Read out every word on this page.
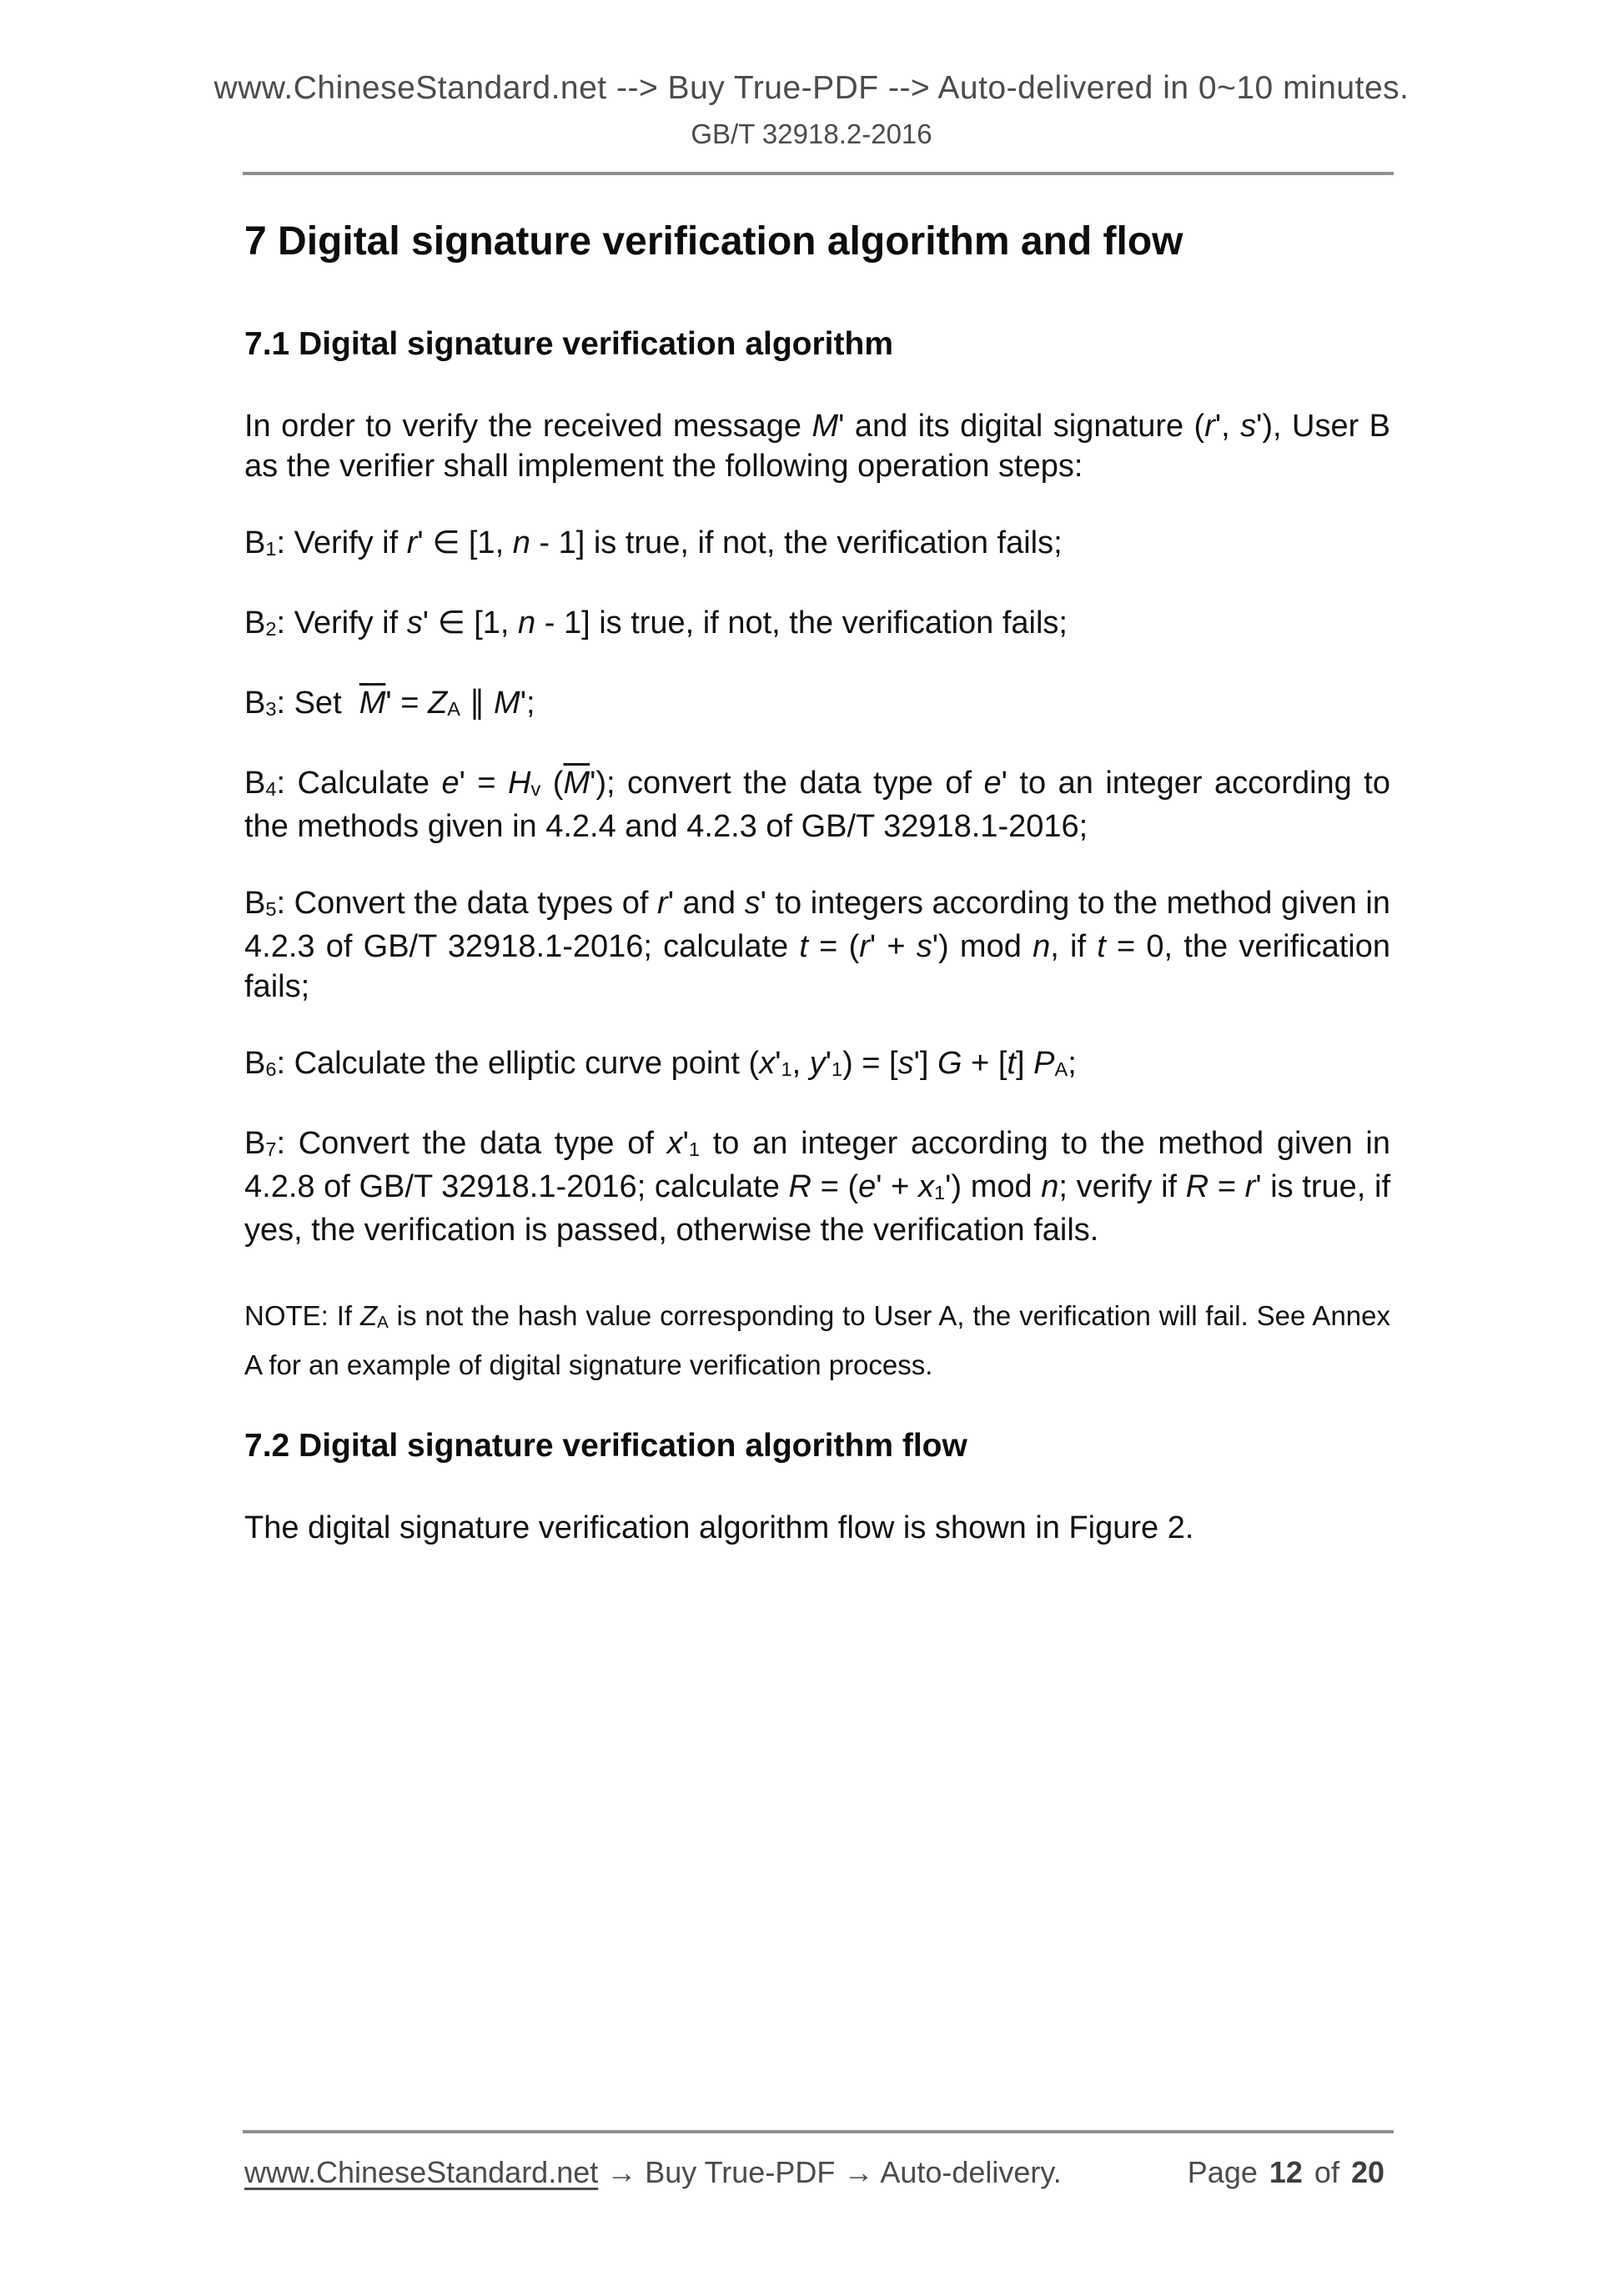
www.ChineseStandard.net --> Buy True-PDF --> Auto-delivered in 0~10 minutes.
GB/T 32918.2-2016
7 Digital signature verification algorithm and flow
7.1 Digital signature verification algorithm
In order to verify the received message M' and its digital signature (r', s'), User B as the verifier shall implement the following operation steps:
B1: Verify if r' ∈ [1, n - 1] is true, if not, the verification fails;
B2: Verify if s' ∈ [1, n - 1] is true, if not, the verification fails;
B3: Set  $\overline{M}'$ = ZA ∥ M';
B4: Calculate e' = Hv $(\overline{M}')$; convert the data type of e' to an integer according to the methods given in 4.2.4 and 4.2.3 of GB/T 32918.1-2016;
B5: Convert the data types of r' and s' to integers according to the method given in 4.2.3 of GB/T 32918.1-2016; calculate t = (r' + s') mod n, if t = 0, the verification fails;
B6: Calculate the elliptic curve point (x'1, y'1) = [s'] G + [t] PA;
B7: Convert the data type of x'1 to an integer according to the method given in 4.2.8 of GB/T 32918.1-2016; calculate R = (e' + x1') mod n; verify if R = r' is true, if yes, the verification is passed, otherwise the verification fails.
NOTE: If ZA is not the hash value corresponding to User A, the verification will fail. See Annex A for an example of digital signature verification process.
7.2 Digital signature verification algorithm flow
The digital signature verification algorithm flow is shown in Figure 2.
www.ChineseStandard.net → Buy True-PDF → Auto-delivery.	Page 12 of 20
